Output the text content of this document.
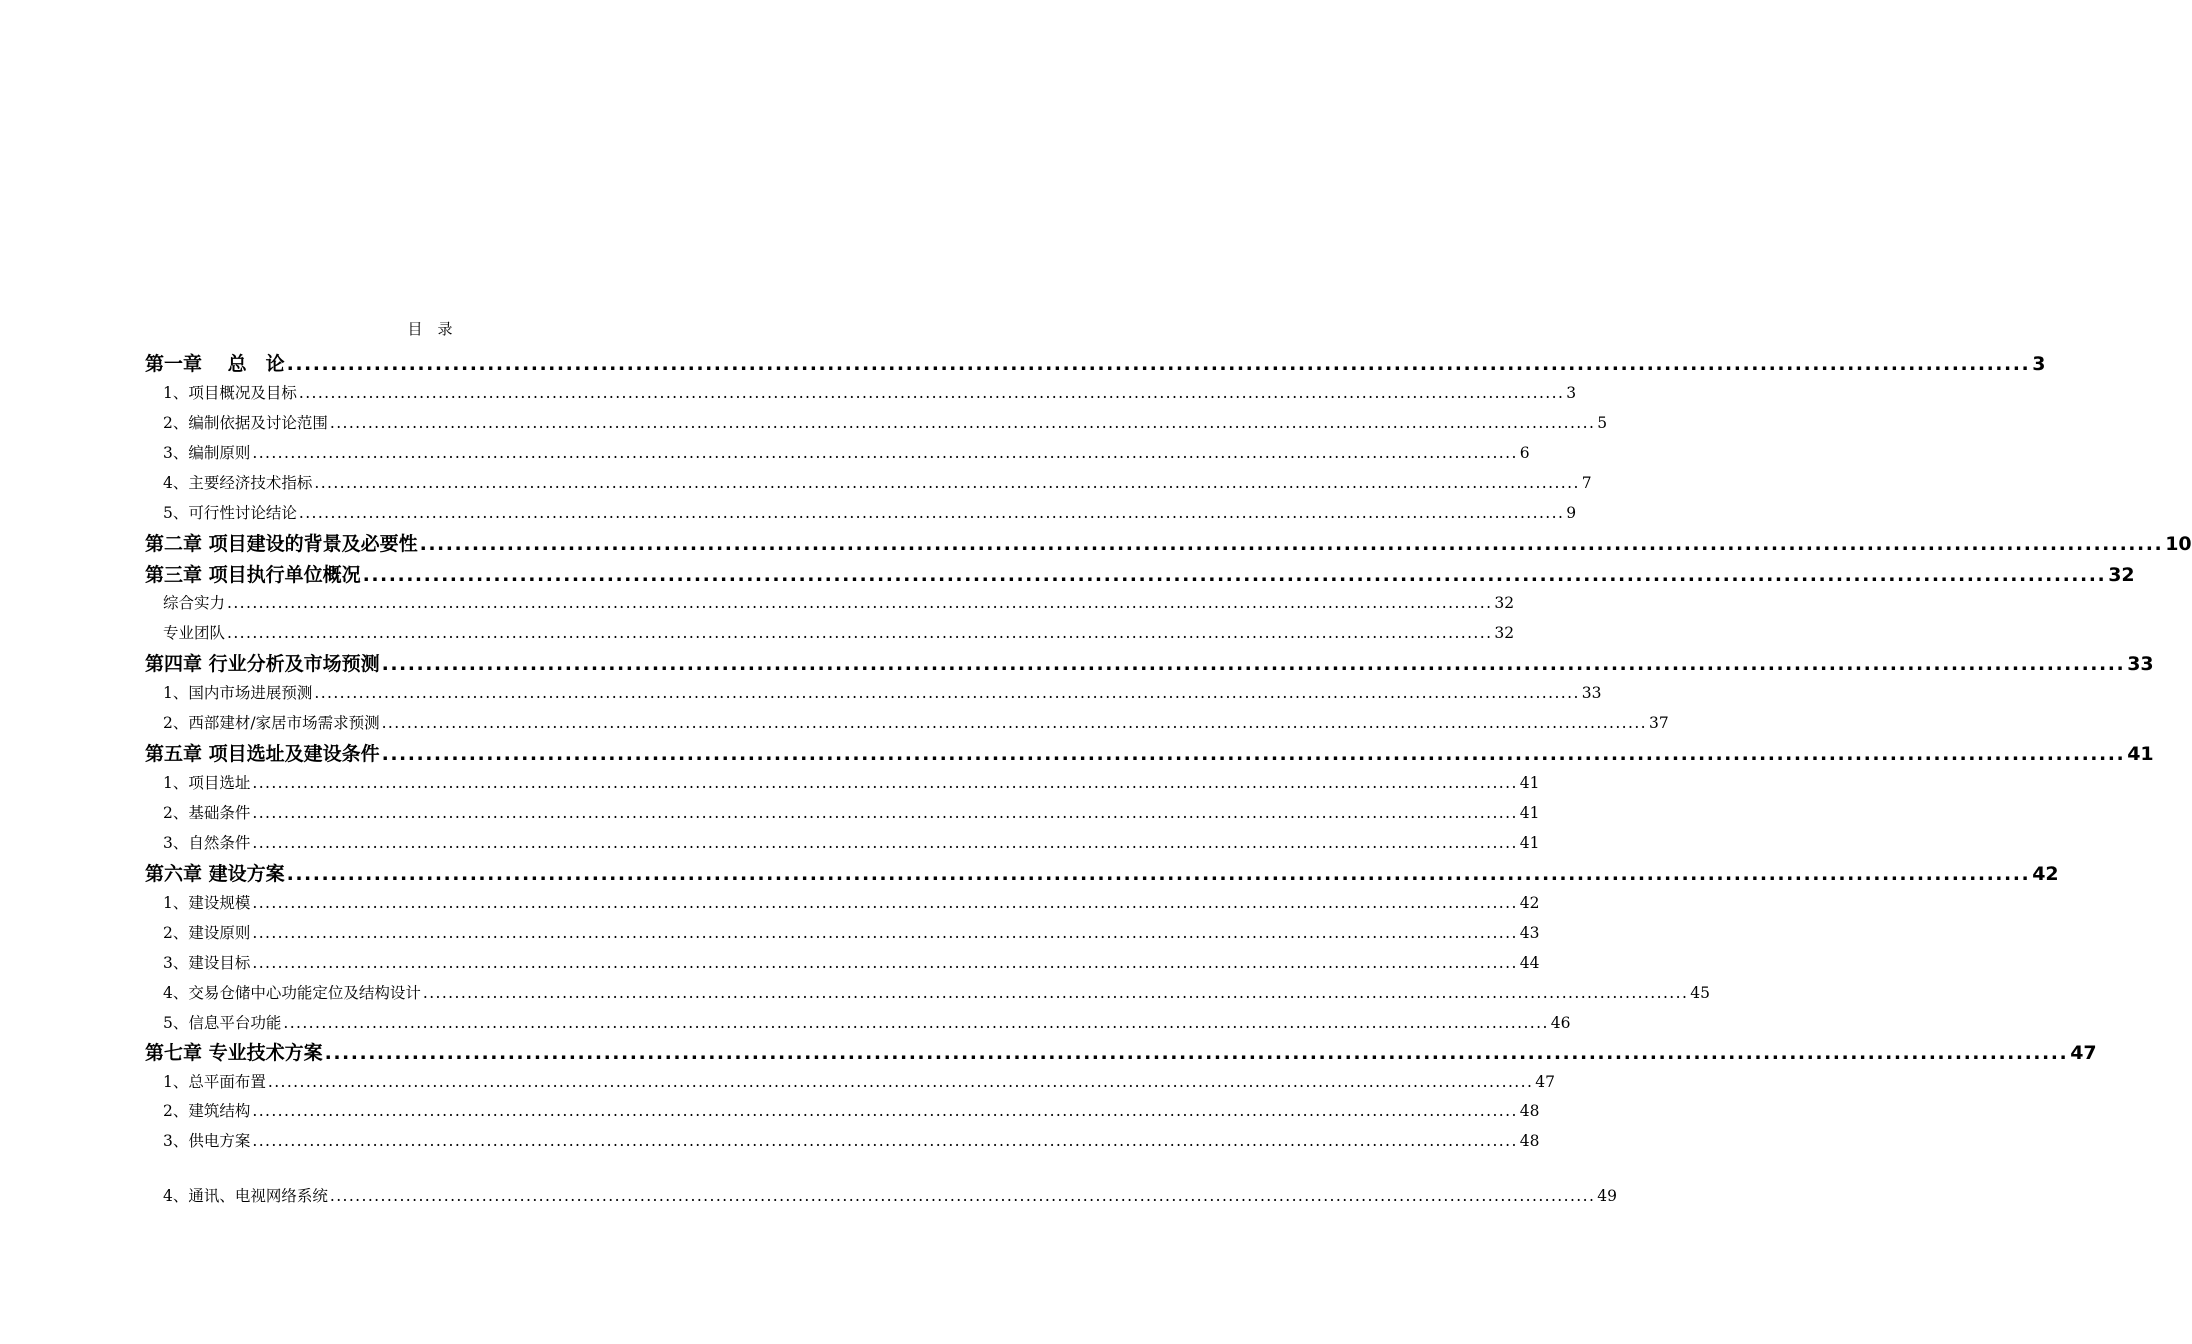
目　录
第一章　 总　论 ........................................................................................................................................................................................................ 3
1、项目概况及目标 ........................................................................................................................................................................................................ 3
2、编制依据及讨论范围 ........................................................................................................................................................................................................ 5
3、编制原则 ........................................................................................................................................................................................................ 6
4、主要经济技术指标 ........................................................................................................................................................................................................ 7
5、可行性讨论结论 ........................................................................................................................................................................................................ 9
第二章 项目建设的背景及必要性 ........................................................................................................................................................................................................ 10
第三章 项目执行单位概况 ........................................................................................................................................................................................................ 32
综合实力 ........................................................................................................................................................................................................ 32
专业团队 ........................................................................................................................................................................................................ 32
第四章 行业分析及市场预测 ........................................................................................................................................................................................................ 33
1、国内市场进展预测 ........................................................................................................................................................................................................ 33
2、西部建材/家居市场需求预测 ........................................................................................................................................................................................................ 37
第五章 项目选址及建设条件 ........................................................................................................................................................................................................ 41
1、项目选址 ........................................................................................................................................................................................................ 41
2、基础条件 ........................................................................................................................................................................................................ 41
3、自然条件 ........................................................................................................................................................................................................ 41
第六章 建设方案 ........................................................................................................................................................................................................ 42
1、建设规模 ........................................................................................................................................................................................................ 42
2、建设原则 ........................................................................................................................................................................................................ 43
3、建设目标 ........................................................................................................................................................................................................ 44
4、交易仓储中心功能定位及结构设计 ........................................................................................................................................................................................................ 45
5、信息平台功能 ........................................................................................................................................................................................................ 46
第七章 专业技术方案 ........................................................................................................................................................................................................ 47
1、总平面布置 ........................................................................................................................................................................................................ 47
2、建筑结构 ........................................................................................................................................................................................................ 48
3、供电方案 ........................................................................................................................................................................................................ 48
4、通讯、电视网络系统 ........................................................................................................................................................................................................ 49
